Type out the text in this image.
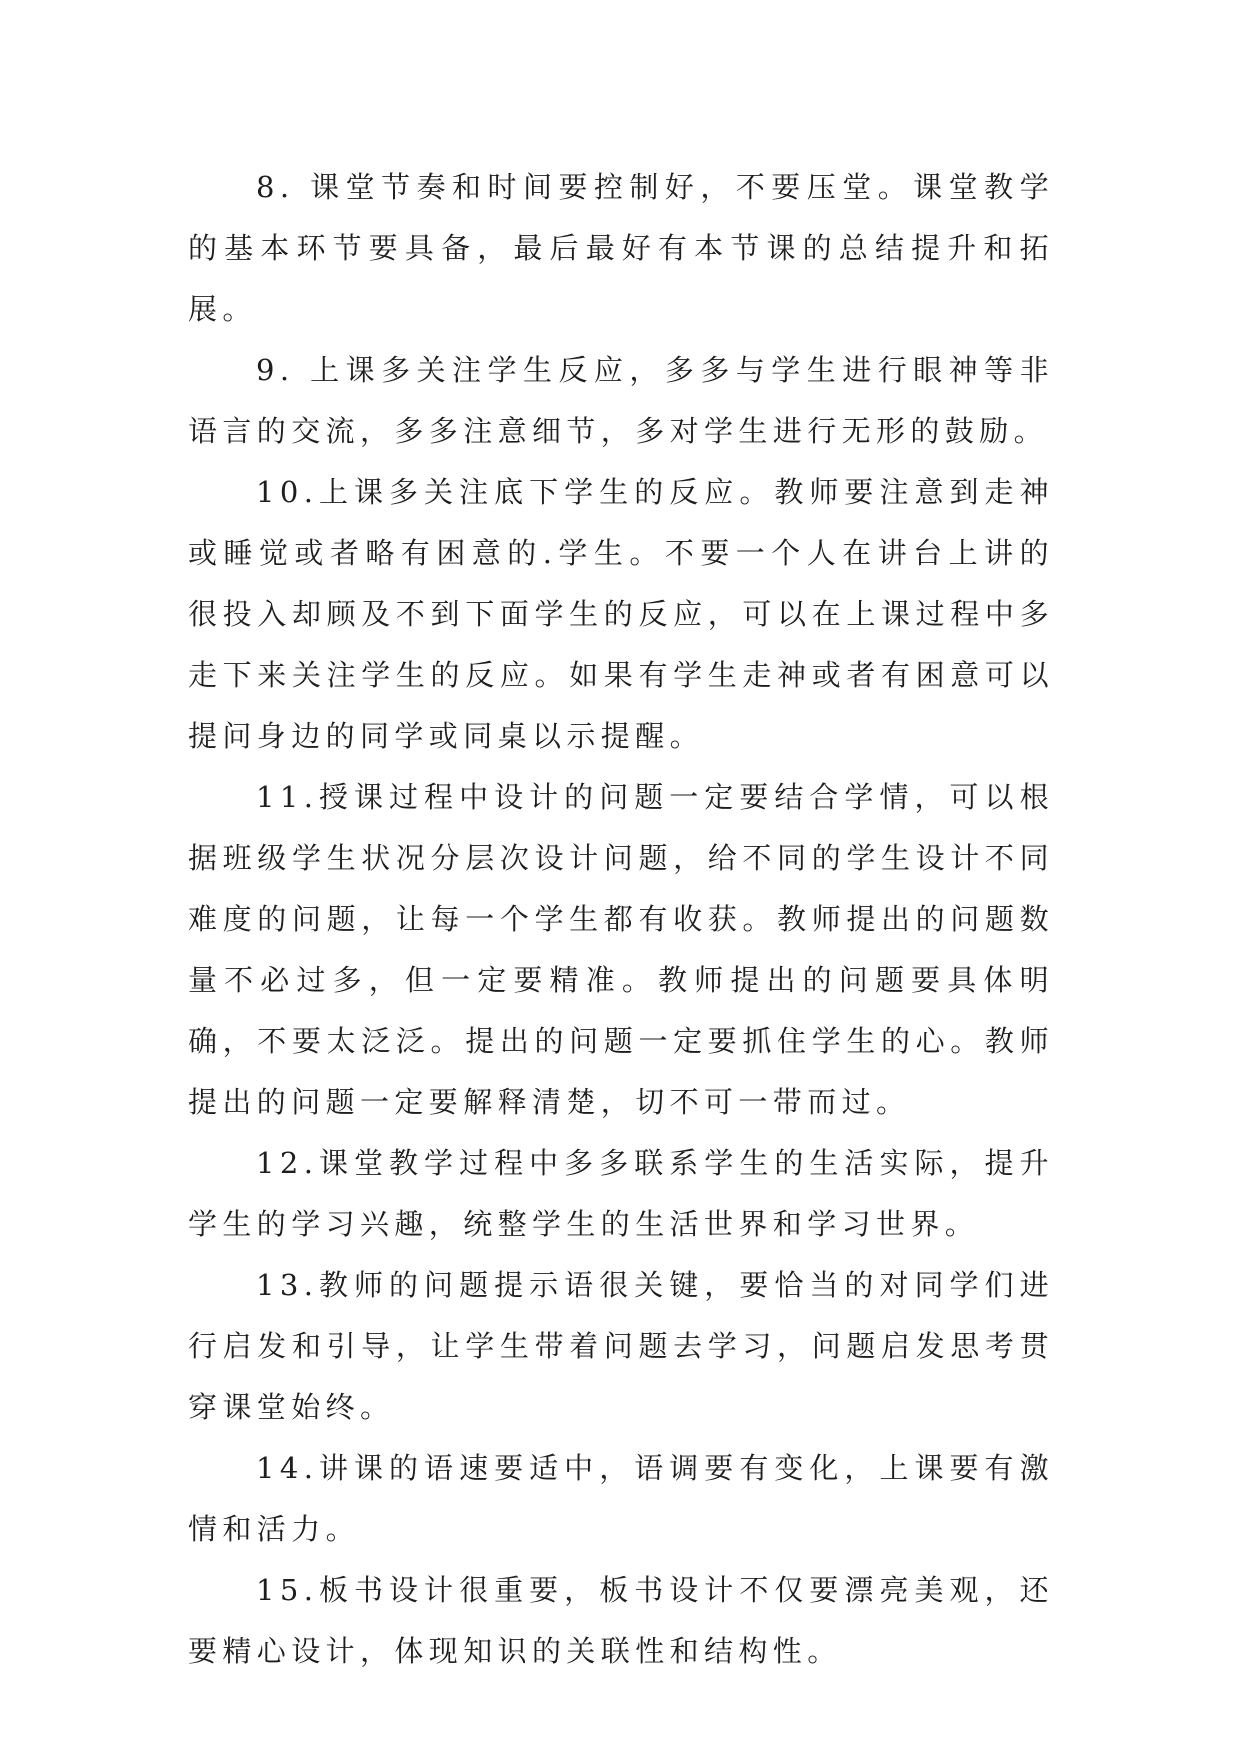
8. 课堂节奏和时间要控制好，不要压堂。课堂教学的基本环节要具备，最后最好有本节课的总结提升和拓展。

9. 上课多关注学生反应，多多与学生进行眼神等非语言的交流，多多注意细节，多对学生进行无形的鼓励。

10.上课多关注底下学生的反应。教师要注意到走神或睡觉或者略有困意的.学生。不要一个人在讲台上讲的很投入却顾及不到下面学生的反应，可以在上课过程中多走下来关注学生的反应。如果有学生走神或者有困意可以提问身边的同学或同桌以示提醒。

11.授课过程中设计的问题一定要结合学情，可以根据班级学生状况分层次设计问题，给不同的学生设计不同难度的问题，让每一个学生都有收获。教师提出的问题数量不必过多，但一定要精准。教师提出的问题要具体明确，不要太泛泛。提出的问题一定要抓住学生的心。教师提出的问题一定要解释清楚，切不可一带而过。

12.课堂教学过程中多多联系学生的生活实际，提升学生的学习兴趣，统整学生的生活世界和学习世界。

13.教师的问题提示语很关键，要恰当的对同学们进行启发和引导，让学生带着问题去学习，问题启发思考贯穿课堂始终。

14.讲课的语速要适中，语调要有变化，上课要有激情和活力。

15.板书设计很重要，板书设计不仅要漂亮美观，还要精心设计，体现知识的关联性和结构性。
